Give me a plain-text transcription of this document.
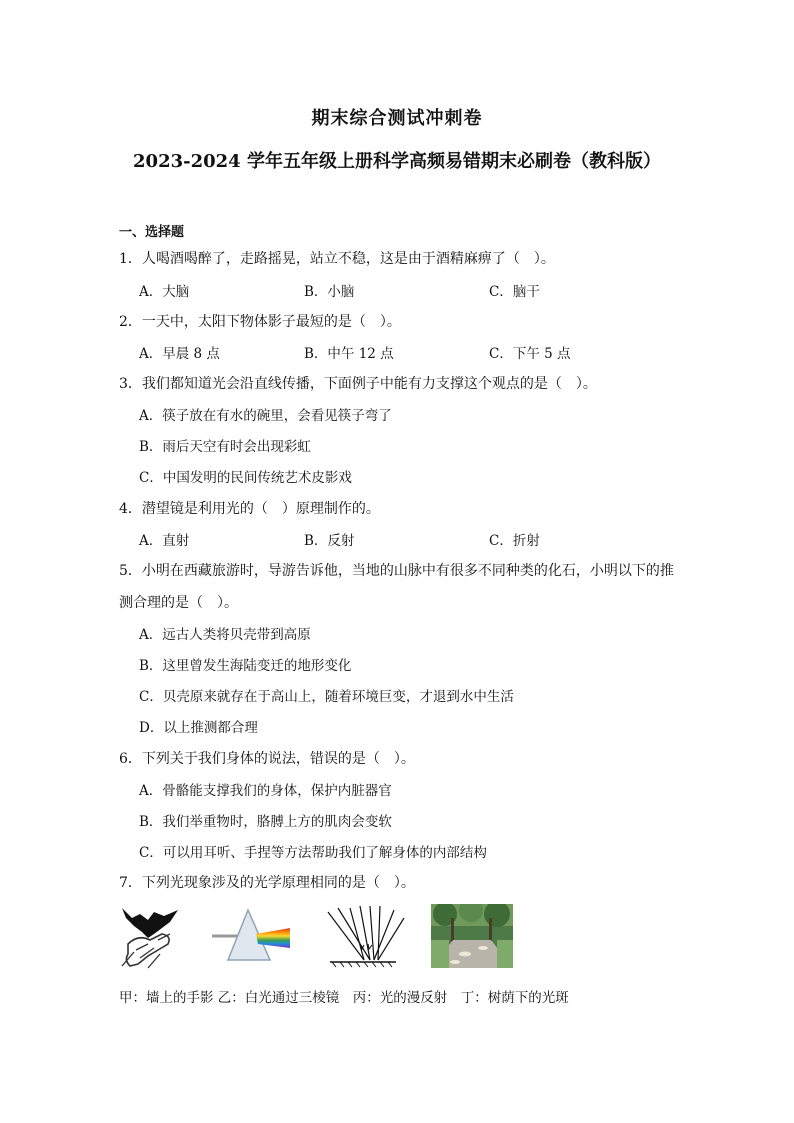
期末综合测试冲刺卷
2023-2024 学年五年级上册科学高频易错期末必刷卷（教科版）
一、选择题
1．人喝酒喝醉了，走路摇晃，站立不稳，这是由于酒精麻痹了（　）。
A．大脑	B．小脑	C．脑干
2．一天中，太阳下物体影子最短的是（　）。
A．早晨 8 点	B．中午 12 点	C．下午 5 点
3．我们都知道光会沿直线传播，下面例子中能有力支撑这个观点的是（　）。
A．筷子放在有水的碗里，会看见筷子弯了
B．雨后天空有时会出现彩虹
C．中国发明的民间传统艺术皮影戏
4．潜望镜是利用光的（　）原理制作的。
A．直射	B．反射	C．折射
5．小明在西藏旅游时，导游告诉他，当地的山脉中有很多不同种类的化石，小明以下的推
测合理的是（　）。
A．远古人类将贝壳带到高原
B．这里曾发生海陆变迁的地形变化
C．贝壳原来就存在于高山上，随着环境巨变，才退到水中生活
D．以上推测都合理
6．下列关于我们身体的说法，错误的是（　）。
A．骨骼能支撑我们的身体，保护内脏器官
B．我们举重物时，胳膊上方的肌肉会变软
C．可以用耳听、手捏等方法帮助我们了解身体的内部结构
7．下列光现象涉及的光学原理相同的是（　）。
甲：墙上的手影 乙：白光通过三棱镜　丙：光的漫反射　丁：树荫下的光斑
